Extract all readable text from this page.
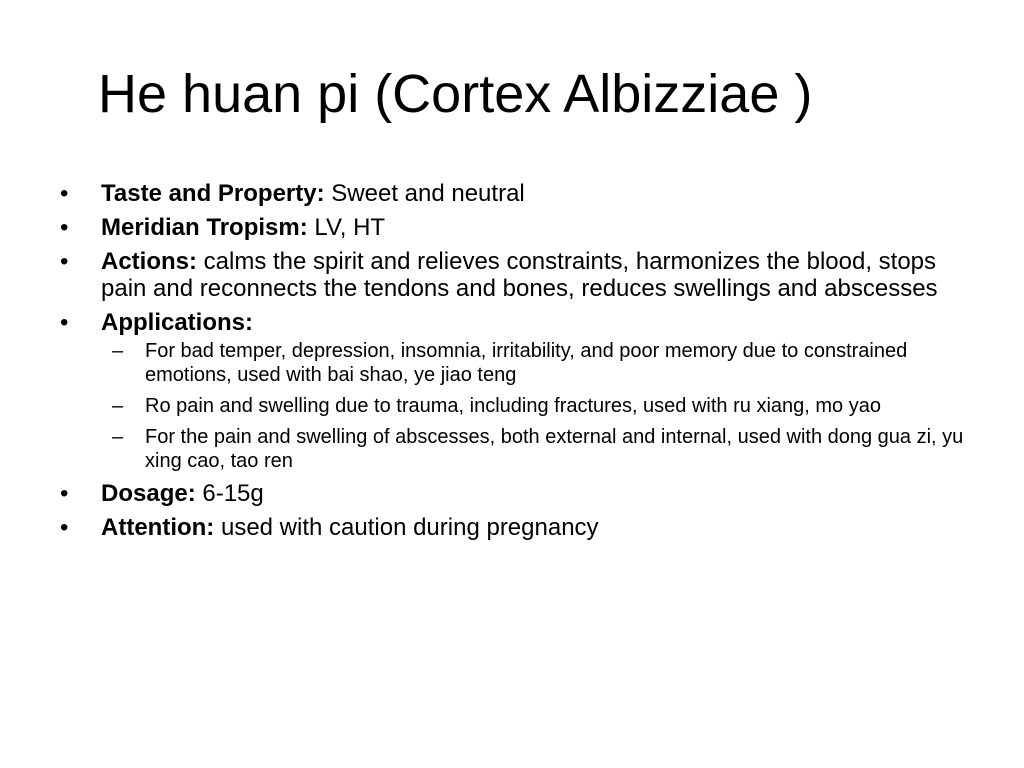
He huan pi (Cortex Albizziae )
• Taste and Property: Sweet and neutral
• Meridian Tropism: LV, HT
• Actions: calms the spirit and relieves constraints, harmonizes the blood, stops pain and reconnects the tendons and bones, reduces swellings and abscesses
• Applications:
– For bad temper, depression, insomnia, irritability, and poor memory due to constrained emotions, used with bai shao, ye jiao teng
– Ro pain and swelling due to trauma, including fractures, used with ru xiang, mo yao
– For the pain and swelling of abscesses, both external and internal, used with dong gua zi, yu xing cao, tao ren
• Dosage: 6-15g
• Attention: used with caution during pregnancy
